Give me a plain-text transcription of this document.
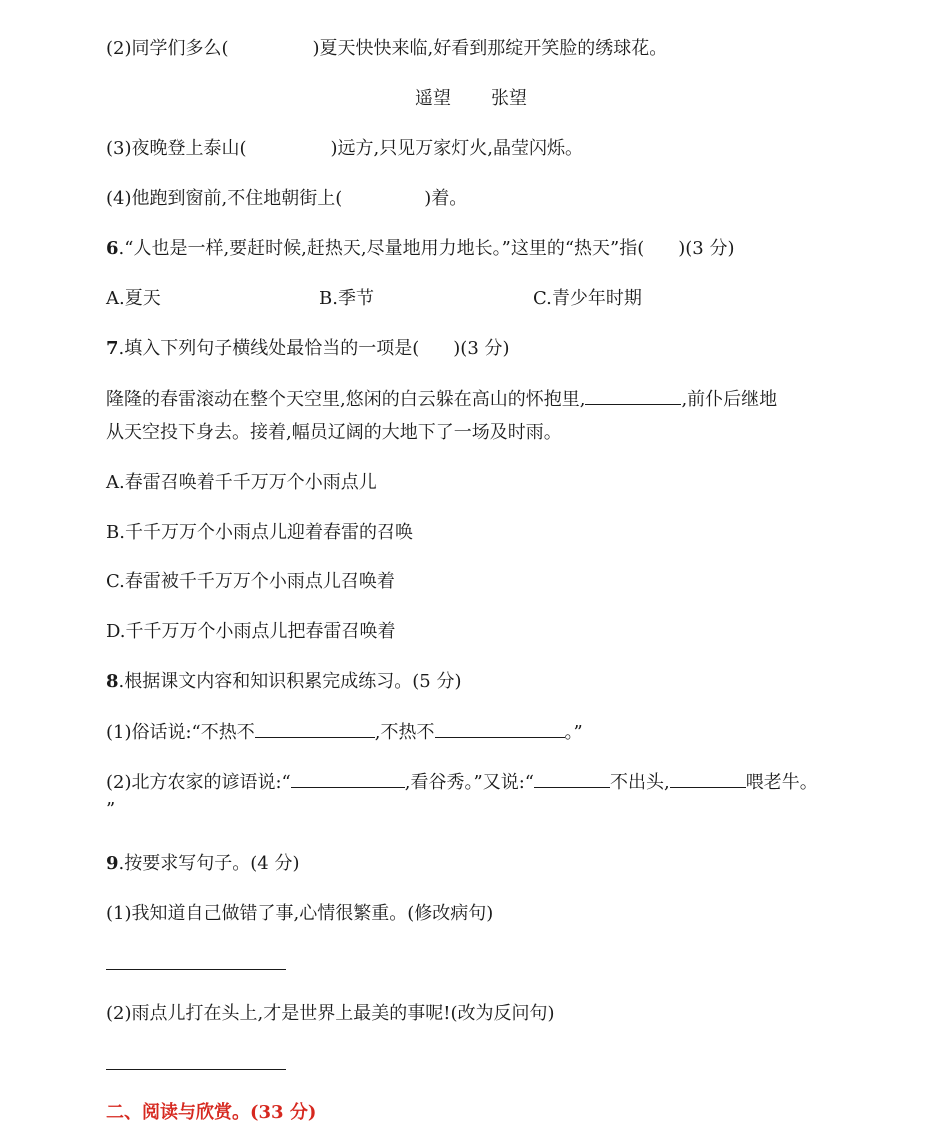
(2)同学们多么(	)夏天快快来临,好看到那绽开笑脸的绣球花。
遥望 张望
(3)夜晚登上泰山(	)远方,只见万家灯火,晶莹闪烁。
(4)他跑到窗前,不住地朝街上(	)着。
6.“人也是一样,要赶时候,赶热天,尽量地用力地长。”这里的“热天”指( )(3 分)
A.夏天	B.季节	C.青少年时期
7.填入下列句子横线处最恰当的一项是( )(3 分)
隆隆的春雷滚动在整个天空里,悠闲的白云躲在高山的怀抱里,	,前仆后继地
从天空投下身去。接着,幅员辽阔的大地下了一场及时雨。
A.春雷召唤着千千万万个小雨点儿
B.千千万万个小雨点儿迎着春雷的召唤
C.春雷被千千万万个小雨点儿召唤着
D.千千万万个小雨点儿把春雷召唤着
8.根据课文内容和知识积累完成练习。(5 分)
(1)俗话说:“不热不	,不热不	。”
(2)北方农家的谚语说:“	,看谷秀。”又说:“	不出头,	喂老牛。
”
9.按要求写句子。(4 分)
(1)我知道自己做错了事,心情很繁重。(修改病句)
(2)雨点儿打在头上,才是世界上最美的事呢!(改为反问句)
二、阅读与欣赏。(33 分)
